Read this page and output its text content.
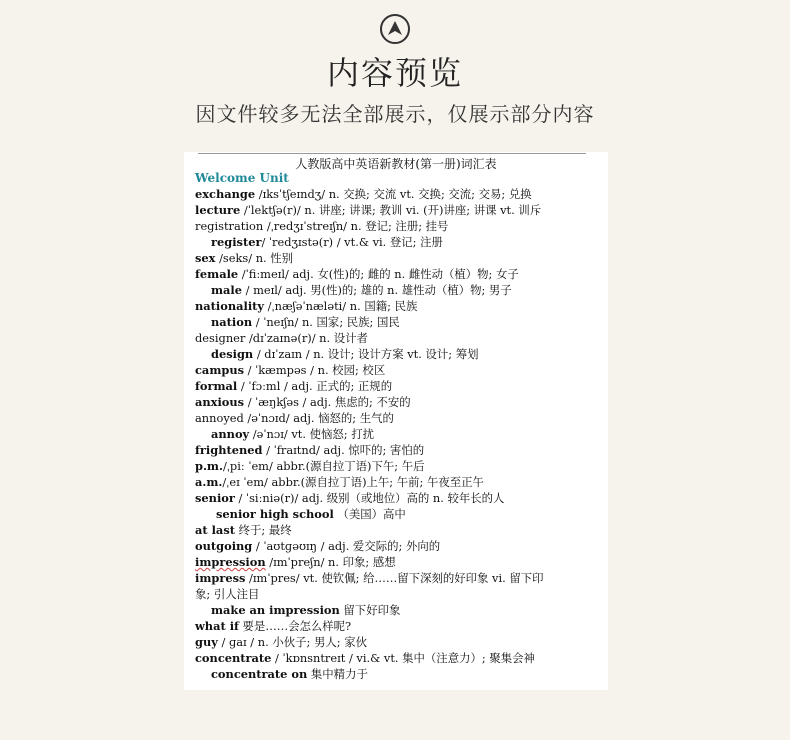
内容预览
因文件较多无法全部展示，仅展示部分内容
人教版高中英语新教材(第一册)词汇表
Welcome Unit
exchange /ɪksˈtʃeɪndʒ/ n. 交换; 交流 vt. 交换; 交流; 交易; 兑换
lecture /ˈlektʃə(r)/ n. 讲座; 讲课; 教训 vi. (开)讲座; 讲课 vt. 训斥
registration /ˌredʒɪˈstreɪʃn/ n. 登记; 注册; 挂号
register/ ˈredʒɪstə(r) / vt.& vi. 登记; 注册
sex /seks/ n. 性别
female /ˈfiːmeɪl/ adj. 女(性)的; 雌的 n. 雌性动（植）物; 女子
male / meɪl/ adj. 男(性)的; 雄的 n. 雄性动（植）物; 男子
nationality /ˌnæʃəˈnæləti/ n. 国籍; 民族
nation / ˈneɪʃn/ n. 国家; 民族; 国民
designer /dɪˈzaɪnə(r)/ n. 设计者
design / dɪˈzaɪn / n. 设计; 设计方案 vt. 设计; 筹划
campus / ˈkæmpəs / n. 校园; 校区
formal / ˈfɔːml / adj. 正式的; 正规的
anxious / ˈæŋkʃəs / adj. 焦虑的; 不安的
annoyed /əˈnɔɪd/ adj. 恼怒的; 生气的
annoy /əˈnɔɪ/ vt. 使恼怒; 打扰
frightened / ˈfraɪtnd/ adj. 惊吓的; 害怕的
p.m./ˌpiː ˈem/ abbr.(源自拉丁语)下午; 午后
a.m./ˌeɪ ˈem/ abbr.(源自拉丁语)上午; 午前; 午夜至正午
senior / ˈsiːniə(r)/ adj. 级别（或地位）高的 n. 较年长的人
senior high school （美国）高中
at last 终于; 最终
outgoing / ˈaʊtɡəʊɪŋ / adj. 爱交际的; 外向的
impression /ɪmˈpreʃn/ n. 印象; 感想
impress /ɪmˈpres/ vt. 使钦佩; 给……留下深刻的好印象 vi. 留下印
象; 引人注目
make an impression 留下好印象
what if 要是……会怎么样呢?
guy / ɡaɪ / n. 小伙子; 男人; 家伙
concentrate / ˈkɒnsntreɪt / vi.& vt. 集中（注意力）; 聚集会神
concentrate on 集中精力于
